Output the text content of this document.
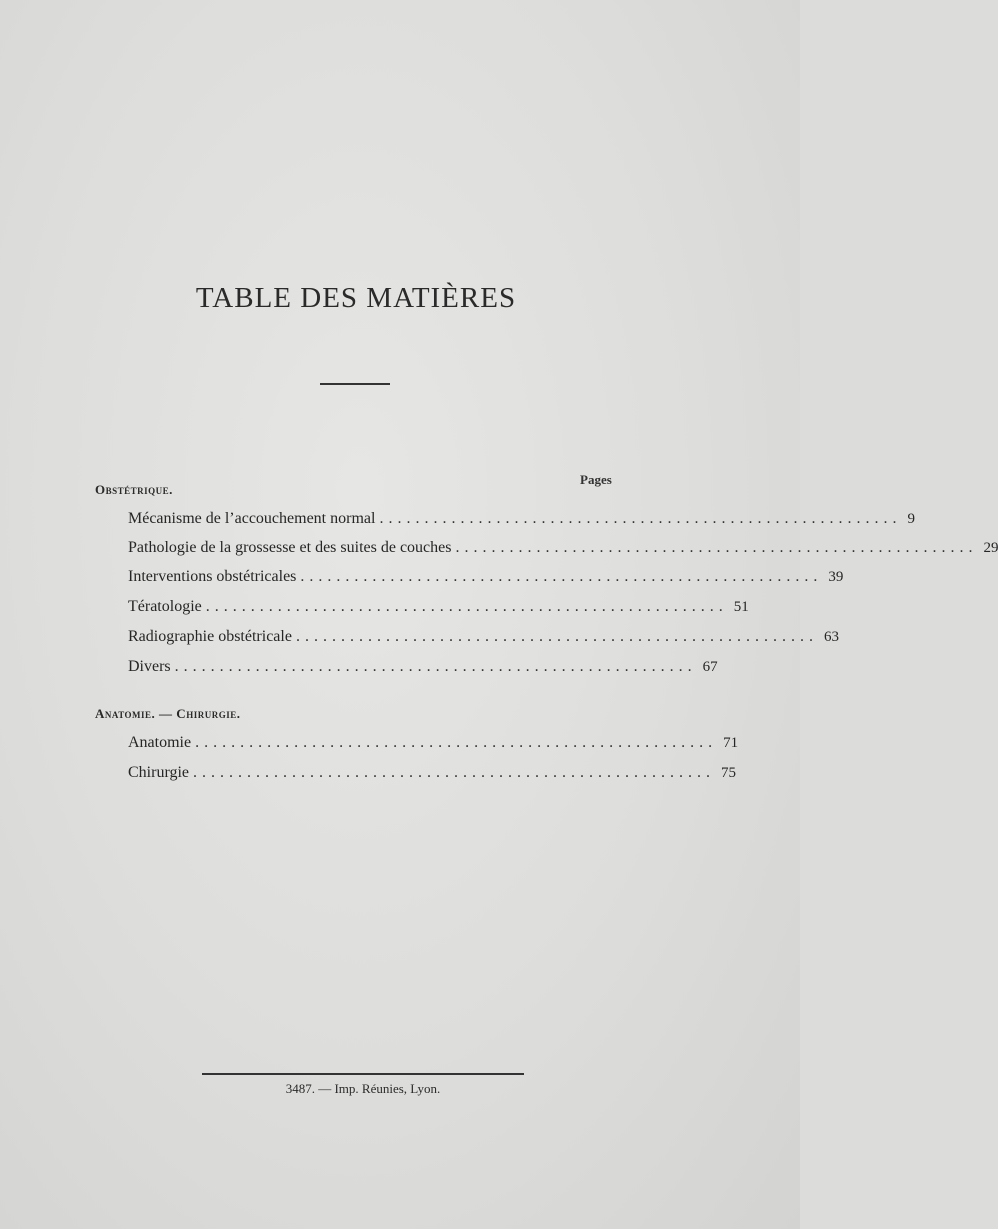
TABLE DES MATIÈRES
Pages
Obstétrique.
Mécanisme de l’accouchement normal .......................................................... 9
Pathologie de la grossesse et des suites de couches .......................................................... 29
Interventions obstétricales .......................................................... 39
Tératologie .......................................................... 51
Radiographie obstétricale .......................................................... 63
Divers .......................................................... 67
Anatomie. — Chirurgie.
Anatomie .......................................................... 71
Chirurgie .......................................................... 75
3487. — Imp. Réunies, Lyon.
